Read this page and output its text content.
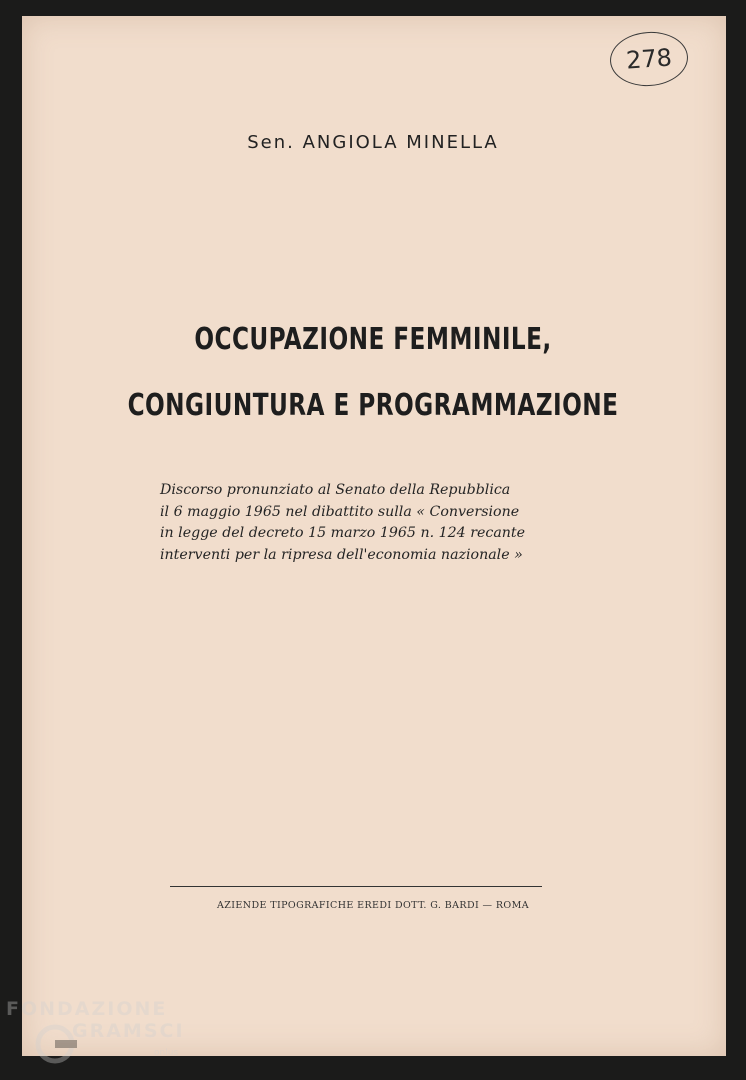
278
Sen. ANGIOLA MINELLA
OCCUPAZIONE FEMMINILE,
CONGIUNTURA E PROGRAMMAZIONE
Discorso pronunziato al Senato della Repubblica
il 6 maggio 1965 nel dibattito sulla « Conversione
in legge del decreto 15 marzo 1965 n. 124 recante
interventi per la ripresa dell'economia nazionale »
AZIENDE TIPOGRAFICHE EREDI DOTT. G. BARDI — ROMA
FONDAZIONE
GRAMSCI
onlus
